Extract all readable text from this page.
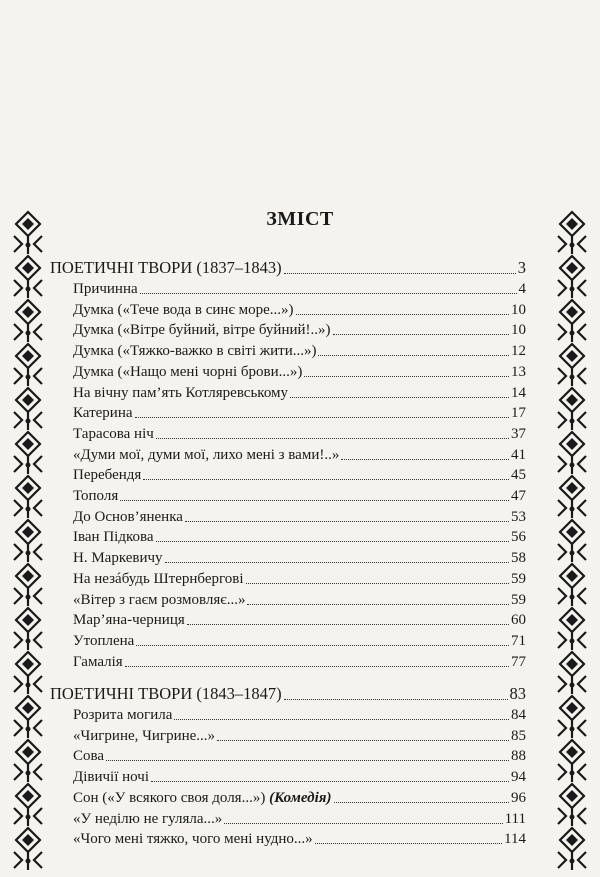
ЗМІСТ
ПОЕТИЧНІ ТВОРИ (1837–1843)	3
Причинна	4
Думка («Тече вода в синє море...»)	10
Думка («Вітре буйний, вітре буйний!..»)	10
Думка («Тяжко-важко в світі жити...»)	12
Думка («Нащо мені чорні брови...»)	13
На вічну пам’ять Котляревському	14
Катерина	17
Тарасова ніч	37
«Думи мої, думи мої, лихо мені з вами!..»	41
Перебендя	45
Тополя	47
До Основ’яненка	53
Іван Підкова	56
Н. Маркевичу	58
На незáбудь Штернбергові	59
«Вітер з гаєм розмовляє...»	59
Мар’яна-черниця	60
Утоплена	71
Гамалія	77
ПОЕТИЧНІ ТВОРИ (1843–1847)	83
Розрита могила	84
«Чигрине, Чигрине...»	85
Сова	88
Дівичії ночі	94
Сон («У всякого своя доля...») (Комедія)	96
«У неділю не гуляла...»	111
«Чого мені тяжко, чого мені нудно...»	114
